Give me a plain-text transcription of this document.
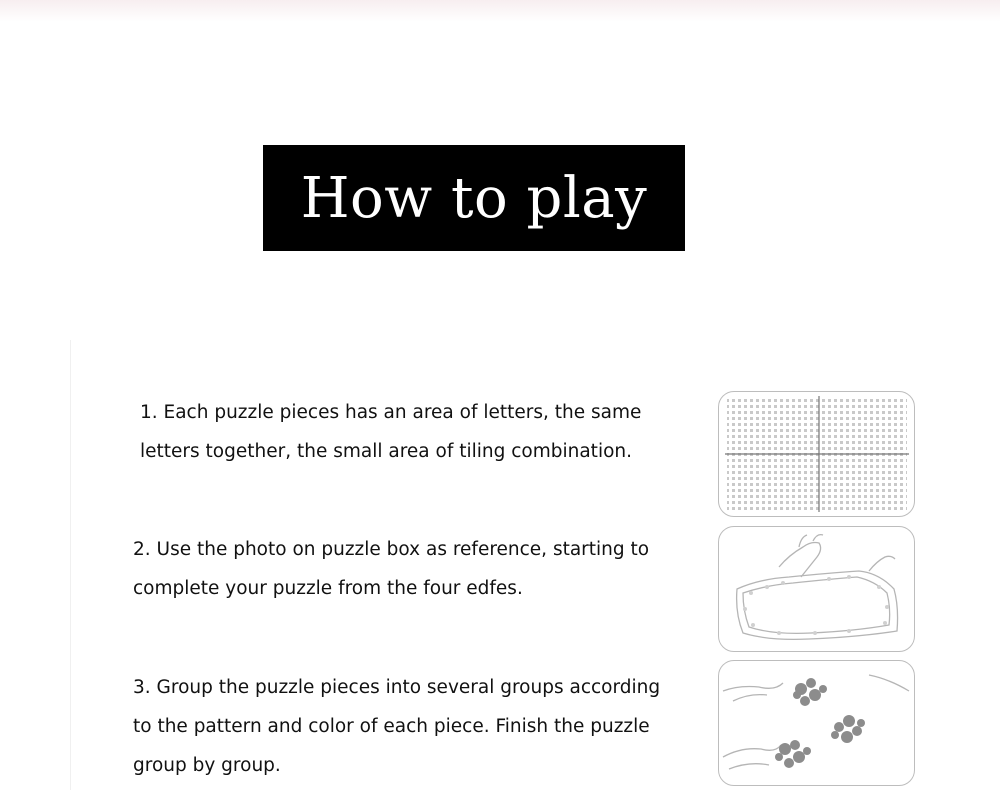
How to play
1. Each puzzle pieces has an area of letters, the same
letters together, the small area of tiling combination.
2. Use the photo on puzzle box as reference, starting to
complete your puzzle from the four edfes.
3. Group the puzzle pieces into several groups according
to the pattern and color of each piece. Finish the puzzle
group by group.
